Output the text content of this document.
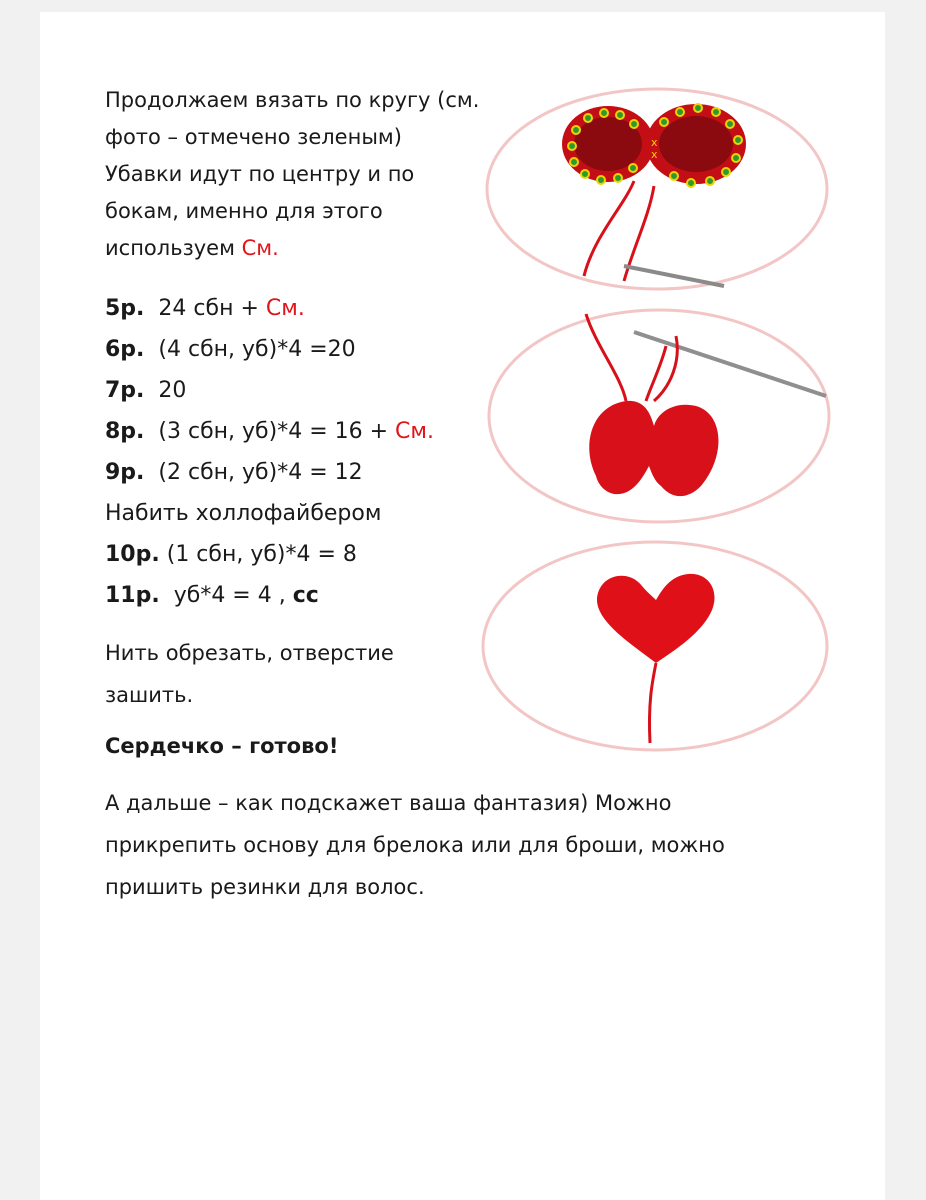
Продолжаем вязать по кругу (см.
фото – отмечено зеленым)
Убавки идут по центру и по
бокам, именно для этого
используем См.
5р. 24 сбн + См.
6р. (4 сбн, уб)*4 =20
7р. 20
8р. (3 сбн, уб)*4 = 16 + См.
9р. (2 сбн, уб)*4 = 12
Набить холлофайбером
10р. (1 сбн, уб)*4 = 8
11р. уб*4 = 4 , сс
Нить обрезать, отверстие
зашить.
Сердечко – готово!
А дальше – как подскажет ваша фантазия) Можно
прикрепить основу для брелока или для броши, можно
пришить резинки для волос.
x
x
